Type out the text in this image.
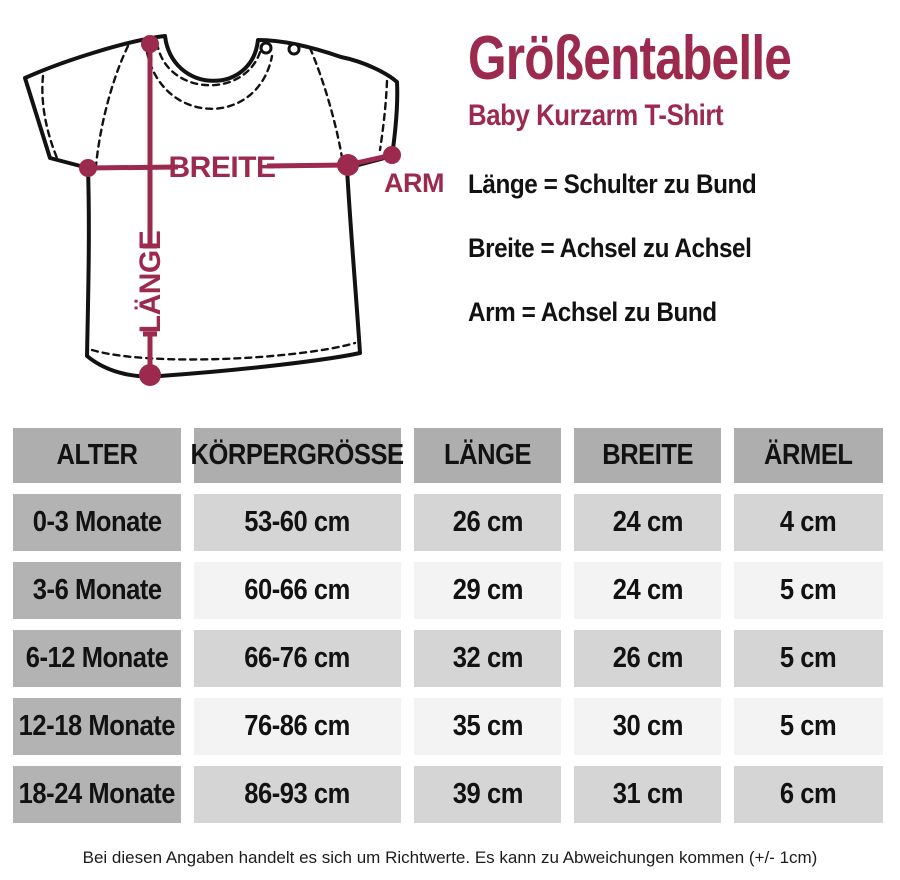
BREITE
LÄNGE
ARM
Größentabelle
Baby Kurzarm T-Shirt
Länge = Schulter zu Bund
Breite = Achsel zu Achsel
Arm = Achsel zu Bund
ALTER KÖRPERGRÖSSE LÄNGE BREITE ÄRMEL
0-3 Monate	53-60 cm	26 cm	24 cm	4 cm
3-6 Monate	60-66 cm	29 cm	24 cm	5 cm
6-12 Monate	66-76 cm	32 cm	26 cm	5 cm
12-18 Monate 76-86 cm	35 cm	30 cm	5 cm
18-24 Monate 86-93 cm	39 cm	31 cm	6 cm
Bei diesen Angaben handelt es sich um Richtwerte. Es kann zu Abweichungen kommen (+/- 1cm)
